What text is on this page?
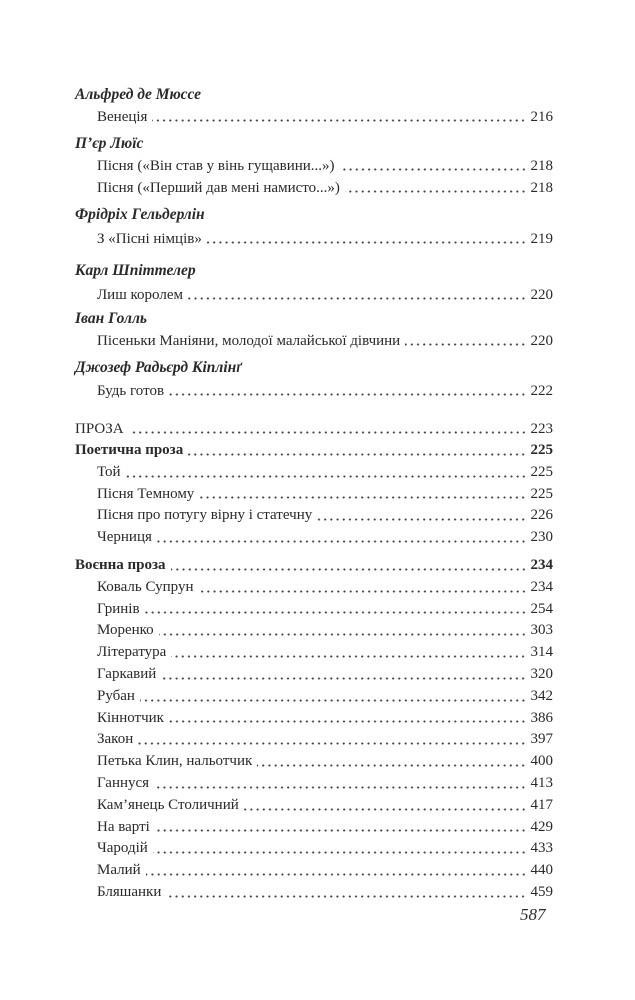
Альфред де Мюссе
Венеція	216
П’єр Люїс
Пісня («Він став у вінь гущавини...»)	218
Пісня («Перший дав мені намисто...»)	218
Фрідріх Гельдерлін
З «Пісні німців»	219
Карл Шпіттелер
Лиш королем	220
Іван Голль
Пісеньки Маніяни, молодої малайської дівчини	220
Джозеф Радьєрд Кіплінґ
Будь готов	222
ПРОЗА	223
Поетична проза	225
Той	225
Пісня Темному	225
Пісня про потугу вірну і статечну	226
Черниця	230
Воєнна проза	234
Коваль Супрун	234
Гринів	254
Моренко	303
Література	314
Гаркавий	320
Рубан	342
Кіннотчик	386
Закон	397
Петька Клин, нальотчик	400
Ганнуся	413
Кам’янець Столичний	417
На варті	429
Чародій	433
Малий	440
Бляшанки	459
587
